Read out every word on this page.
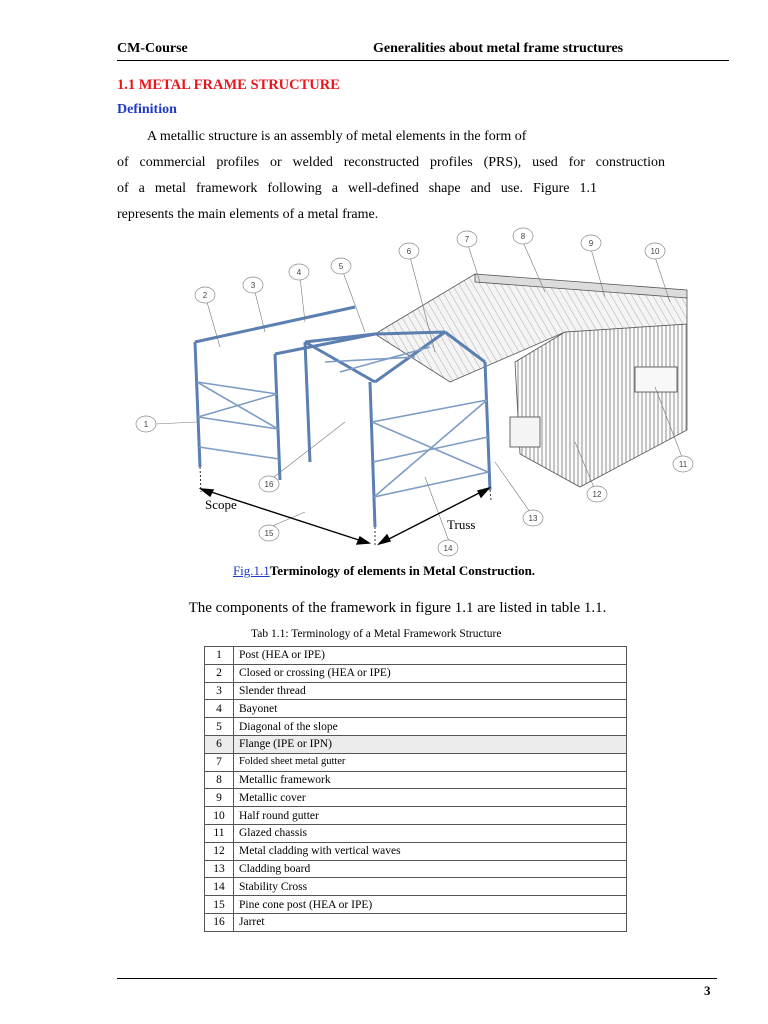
CM-Course	Generalities about metal frame structures
1.1 METAL FRAME STRUCTURE
Definition
A metallic structure is an assembly of metal elements in the form of
of commercial profiles or welded reconstructed profiles (PRS), used for construction
of a metal framework following a well-defined shape and use. Figure 1.1
represents the main elements of a metal frame.
1
2
3
4
5
6
7	8
9
10
11
12
13
14
15
16
Scope
Truss
Fig.1.1Terminology of elements in Metal Construction.
The components of the framework in figure 1.1 are listed in table 1.1.
Tab 1.1: Terminology of a Metal Framework Structure
1	Post (HEA or IPE)
2	Closed or crossing (HEA or IPE)
3	Slender thread
4	Bayonet
5	Diagonal of the slope
6	Flange (IPE or IPN)
7	Folded sheet metal gutter
8	Metallic framework
9	Metallic cover
10	Half round gutter
11	Glazed chassis
12	Metal cladding with vertical waves
13	Cladding board
14	Stability Cross
15	Pine cone post (HEA or IPE)
16	Jarret
3
